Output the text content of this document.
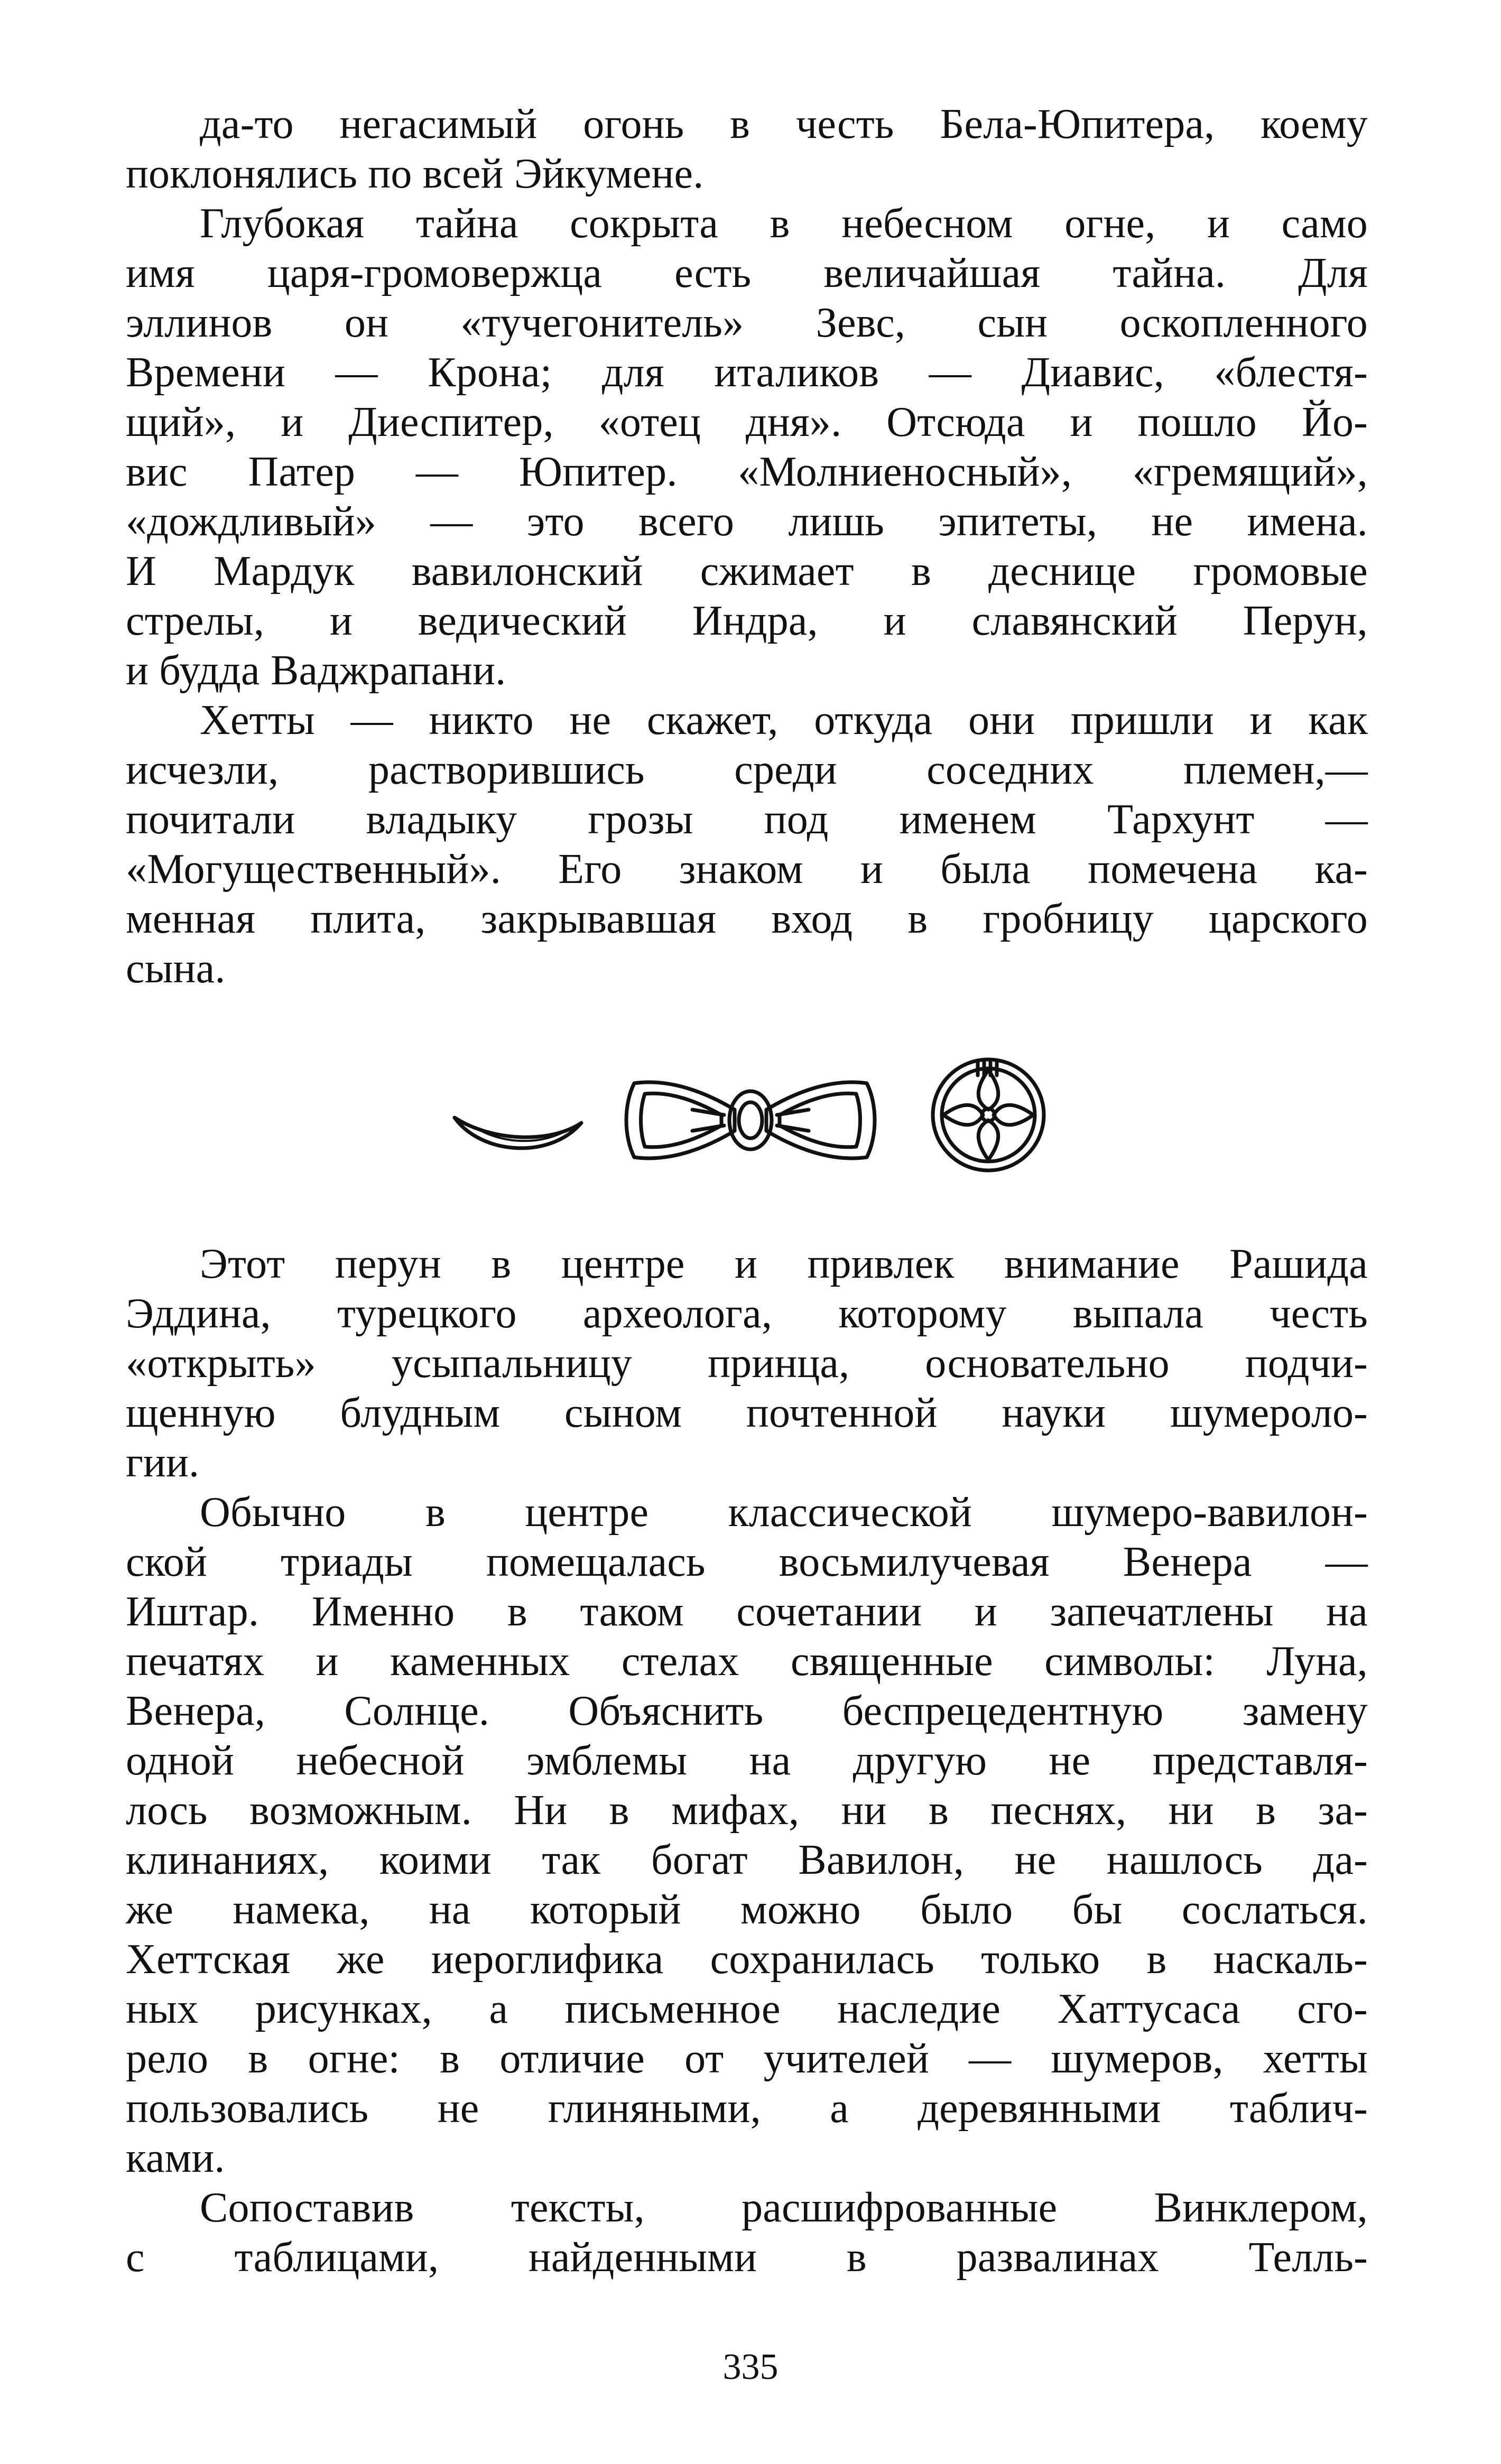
да-то негасимый огонь в честь Бела-Юпитера, коему

поклонялись по всей Эйкумене.

Глубокая тайна сокрыта в небесном огне, и само

имя царя-громовержца есть величайшая тайна. Для

эллинов он «тучегонитель» Зевс, сын оскопленного

Времени — Крона; для италиков — Диавис, «блестя-

щий», и Диеспитер, «отец дня». Отсюда и пошло Йо-

вис Патер — Юпитер. «Молниеносный», «гремящий»,

«дождливый» — это всего лишь эпитеты, не имена.

И Мардук вавилонский сжимает в деснице громовые

стрелы, и ведический Индра, и славянский Перун,

и будда Ваджрапани.

Хетты — никто не скажет, откуда они пришли и как

исчезли, растворившись среди соседних племен,—

почитали владыку грозы под именем Тархунт —

«Могущественный». Его знаком и была помечена ка-

менная плита, закрывавшая вход в гробницу царского

сына.

Этот перун в центре и привлек внимание Рашида

Эддина, турецкого археолога, которому выпала честь

«открыть» усыпальницу принца, основательно подчи-

щенную блудным сыном почтенной науки шумероло-

гии.

Обычно в центре классической шумеро-вавилон-

ской триады помещалась восьмилучевая Венера —

Иштар. Именно в таком сочетании и запечатлены на

печатях и каменных стелах священные символы: Луна,

Венера, Солнце. Объяснить беспрецедентную замену

одной небесной эмблемы на другую не представля-

лось возможным. Ни в мифах, ни в песнях, ни в за-

клинаниях, коими так богат Вавилон, не нашлось да-

же намека, на который можно было бы сослаться.

Хеттская же иероглифика сохранилась только в наскаль-

ных рисунках, а письменное наследие Хаттусаса сго-

рело в огне: в отличие от учителей — шумеров, хетты

пользовались не глиняными, а деревянными таблич-

ками.

Сопоставив тексты, расшифрованные Винклером,

с таблицами, найденными в развалинах Телль-

335
